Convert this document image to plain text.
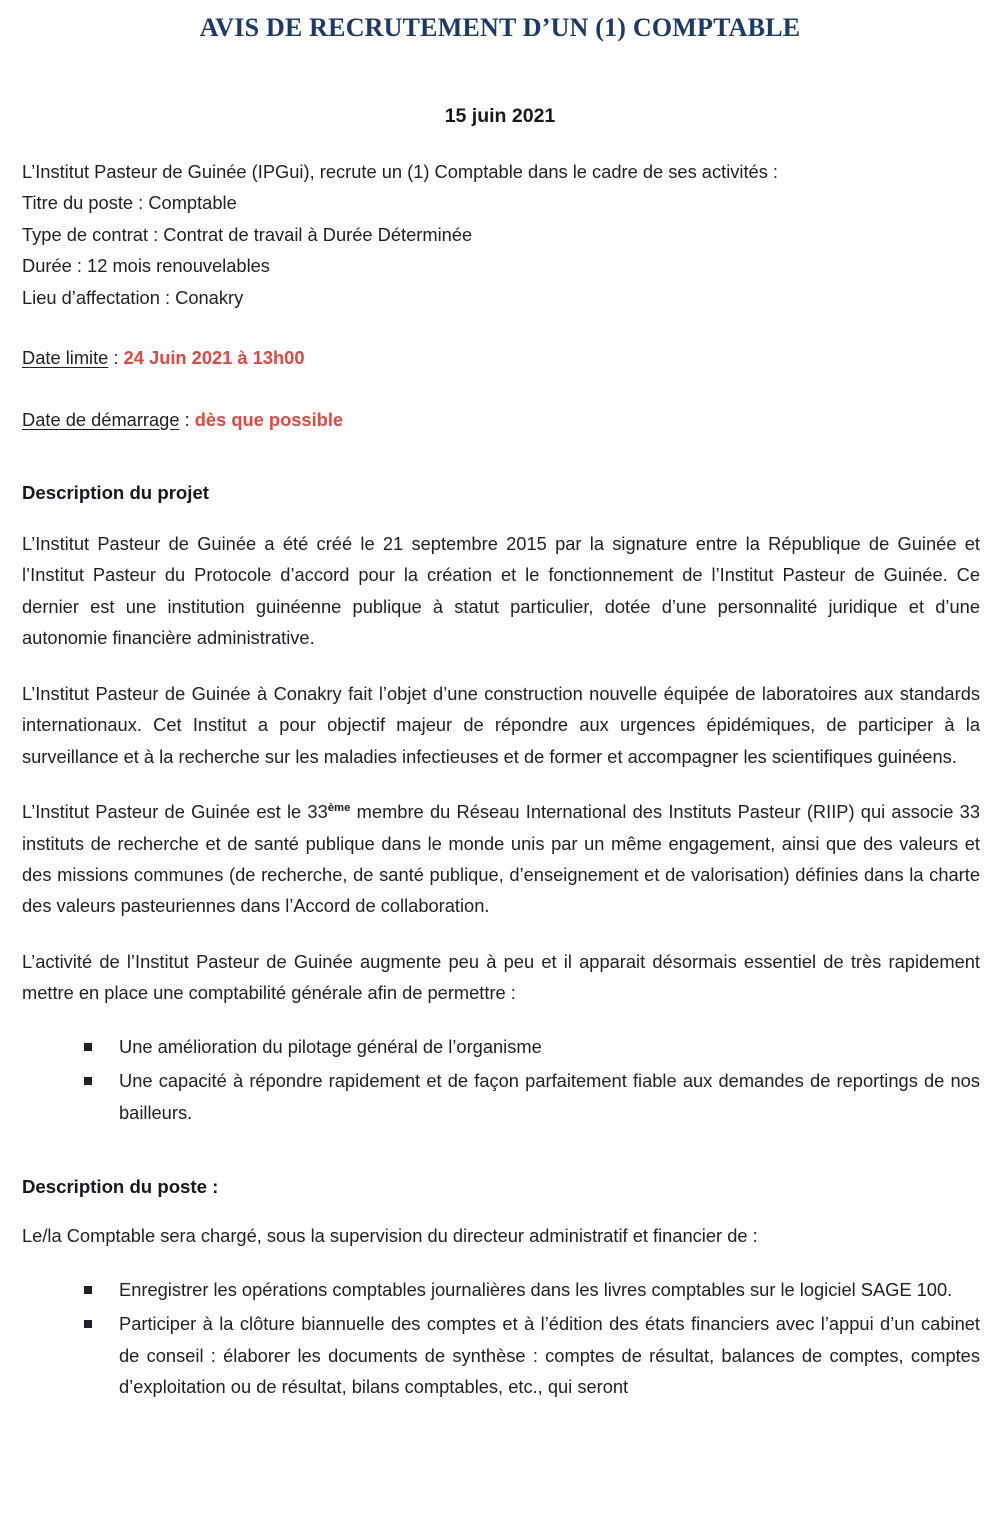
AVIS DE RECRUTEMENT D’UN (1) COMPTABLE
15 juin 2021
L’Institut Pasteur de Guinée (IPGui), recrute un (1) Comptable dans le cadre de ses activités :
Titre du poste : Comptable
Type de contrat : Contrat de travail à Durée Déterminée
Durée : 12 mois renouvelables
Lieu d’affectation : Conakry
Date limite : 24 Juin 2021 à 13h00
Date de démarrage : dès que possible
Description du projet

L’Institut Pasteur de Guinée a été créé le 21 septembre 2015 par la signature entre la République de Guinée et l’Institut Pasteur du Protocole d’accord pour la création et le fonctionnement de l’Institut Pasteur de Guinée. Ce dernier est une institution guinéenne publique à statut particulier, dotée d’une personnalité juridique et d’une autonomie financière administrative.

L’Institut Pasteur de Guinée à Conakry fait l’objet d’une construction nouvelle équipée de laboratoires aux standards internationaux. Cet Institut a pour objectif majeur de répondre aux urgences épidémiques, de participer à la surveillance et à la recherche sur les maladies infectieuses et de former et accompagner les scientifiques guinéens.

L’Institut Pasteur de Guinée est le 33ème membre du Réseau International des Instituts Pasteur (RIIP) qui associe 33 instituts de recherche et de santé publique dans le monde unis par un même engagement, ainsi que des valeurs et des missions communes (de recherche, de santé publique, d’enseignement et de valorisation) définies dans la charte des valeurs pasteuriennes dans l’Accord de collaboration.

L’activité de l’Institut Pasteur de Guinée augmente peu à peu et il apparait désormais essentiel de très rapidement mettre en place une comptabilité générale afin de permettre :

Une amélioration du pilotage général de l’organisme
Une capacité à répondre rapidement et de façon parfaitement fiable aux demandes de reportings de nos bailleurs.
Description du poste :

Le/la Comptable sera chargé, sous la supervision du directeur administratif et financier de :

Enregistrer les opérations comptables journalières dans les livres comptables sur le logiciel SAGE 100.
Participer à la clôture biannuelle des comptes et à l’édition des états financiers avec l’appui d’un cabinet de conseil : élaborer les documents de synthèse : comptes de résultat, balances de comptes, comptes d’exploitation ou de résultat, bilans comptables, etc., qui seront
